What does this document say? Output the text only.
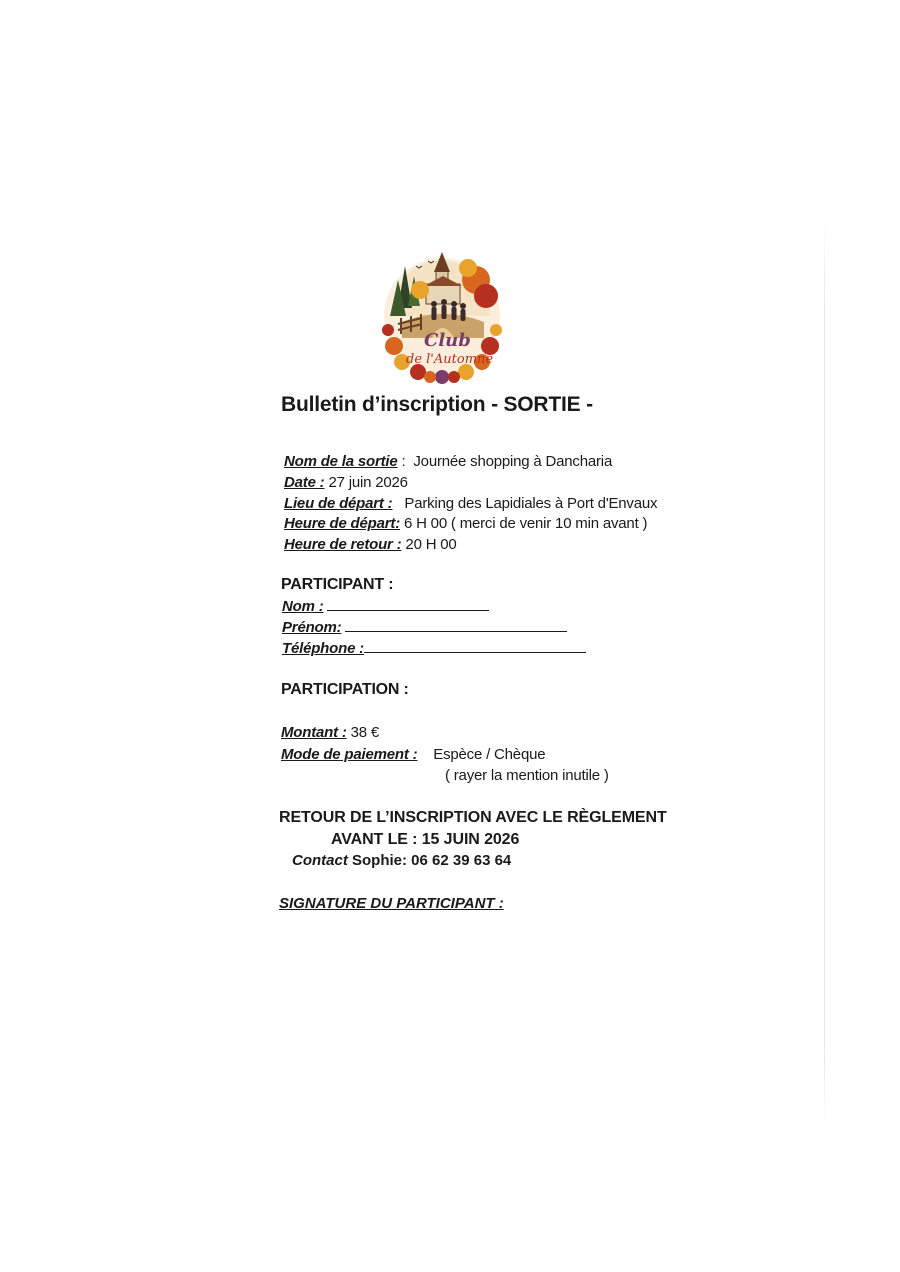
Club
de l'Automne
Bulletin d’inscription - SORTIE -
Nom de la sortie : Journée shopping à Dancharia
Date : 27 juin 2026
Lieu de départ : Parking des Lapidiales à Port d'Envaux
Heure de départ: 6 H 00 ( merci de venir 10 min avant )
Heure de retour : 20 H 00
PARTICIPANT :
Nom :
Prénom:
Téléphone :
PARTICIPATION :
Montant : 38 €
Mode de paiement : Espèce / Chèque
( rayer la mention inutile )
RETOUR DE L’INSCRIPTION AVEC LE RÈGLEMENT
AVANT LE : 15 JUIN 2026
Contact Sophie: 06 62 39 63 64
SIGNATURE DU PARTICIPANT :
